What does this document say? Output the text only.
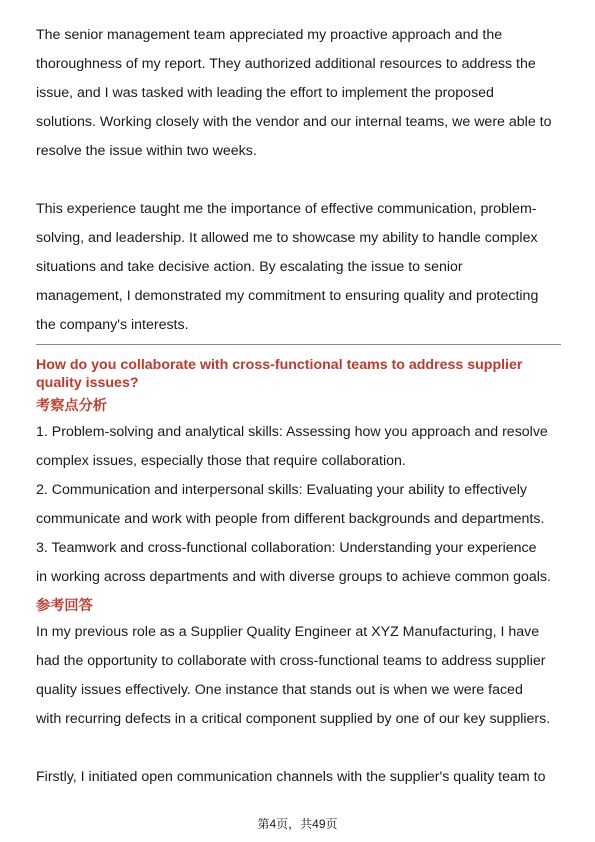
The senior management team appreciated my proactive approach and the
thoroughness of my report. They authorized additional resources to address the
issue, and I was tasked with leading the effort to implement the proposed
solutions. Working closely with the vendor and our internal teams, we were able to
resolve the issue within two weeks.
This experience taught me the importance of effective communication, problem-
solving, and leadership. It allowed me to showcase my ability to handle complex
situations and take decisive action. By escalating the issue to senior
management, I demonstrated my commitment to ensuring quality and protecting
the company's interests.
How do you collaborate with cross-functional teams to address supplier
quality issues?
考察点分析
1. Problem-solving and analytical skills: Assessing how you approach and resolve
complex issues, especially those that require collaboration.
2. Communication and interpersonal skills: Evaluating your ability to effectively
communicate and work with people from different backgrounds and departments.
3. Teamwork and cross-functional collaboration: Understanding your experience
in working across departments and with diverse groups to achieve common goals.
参考回答
In my previous role as a Supplier Quality Engineer at XYZ Manufacturing, I have
had the opportunity to collaborate with cross-functional teams to address supplier
quality issues effectively. One instance that stands out is when we were faced
with recurring defects in a critical component supplied by one of our key suppliers.
Firstly, I initiated open communication channels with the supplier's quality team to
第4页，共49页
